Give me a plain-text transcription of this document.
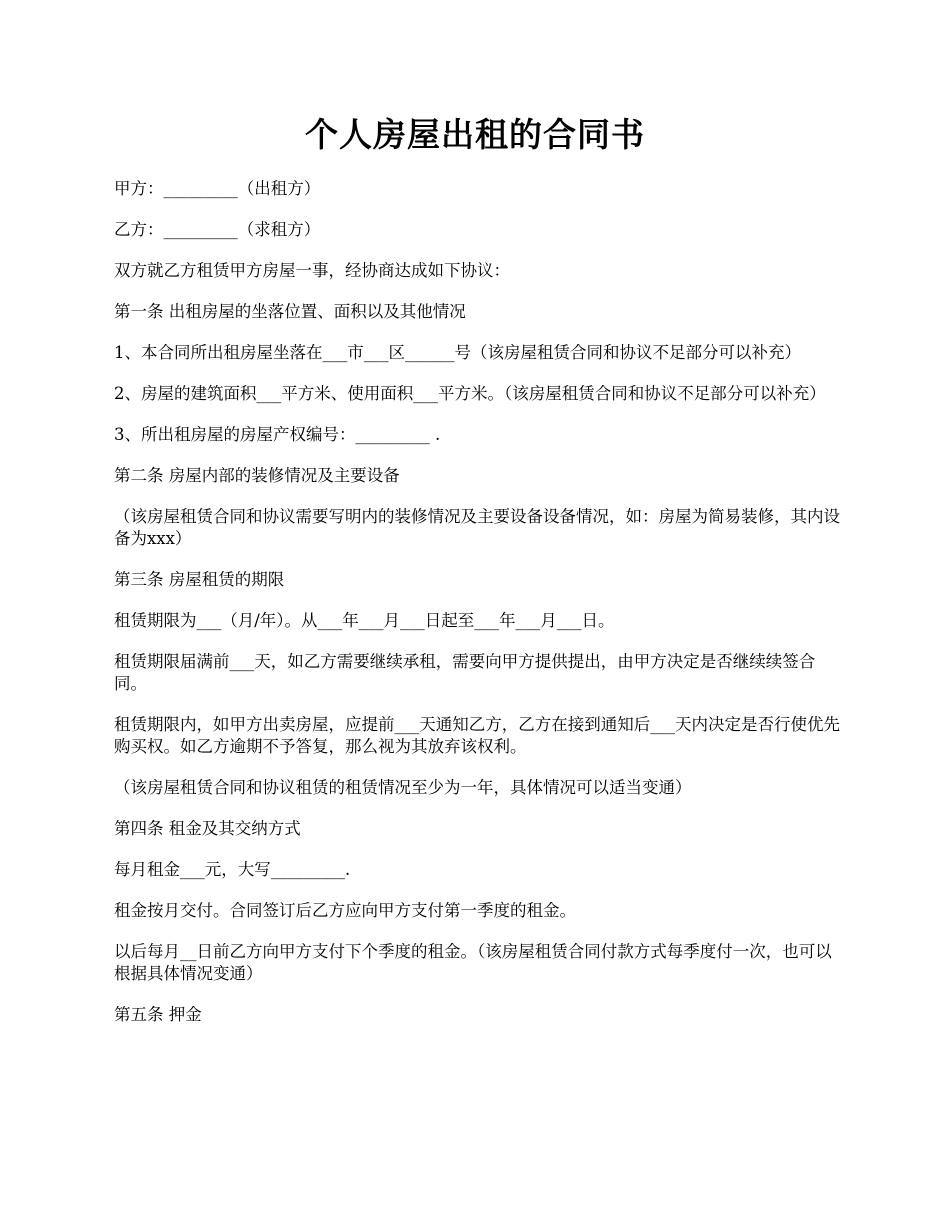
个人房屋出租的合同书

甲方：_________（出租方）

乙方：_________（求租方）

双方就乙方租赁甲方房屋一事，经协商达成如下协议：

第一条 出租房屋的坐落位置、面积以及其他情况

1、本合同所出租房屋坐落在___市___区______号（该房屋租赁合同和协议不足部分可以补充）

2、房屋的建筑面积___平方米、使用面积___平方米。（该房屋租赁合同和协议不足部分可以补充）

3、所出租房屋的房屋产权编号：_________ .

第二条 房屋内部的装修情况及主要设备

（该房屋租赁合同和协议需要写明内的装修情况及主要设备设备情况，如：房屋为简易装修，其内设备为xxx）

第三条 房屋租赁的期限

租赁期限为___（月/年）。从___年___月___日起至___年___月___日。

租赁期限届满前___天，如乙方需要继续承租，需要向甲方提供提出，由甲方决定是否继续续签合同。

租赁期限内，如甲方出卖房屋，应提前___天通知乙方，乙方在接到通知后___天内决定是否行使优先购买权。如乙方逾期不予答复，那么视为其放弃该权利。

（该房屋租赁合同和协议租赁的租赁情况至少为一年，具体情况可以适当变通）

第四条 租金及其交纳方式

每月租金___元，大写_________.

租金按月交付。合同签订后乙方应向甲方支付第一季度的租金。

以后每月__日前乙方向甲方支付下个季度的租金。（该房屋租赁合同付款方式每季度付一次，也可以根据具体情况变通）

第五条 押金
